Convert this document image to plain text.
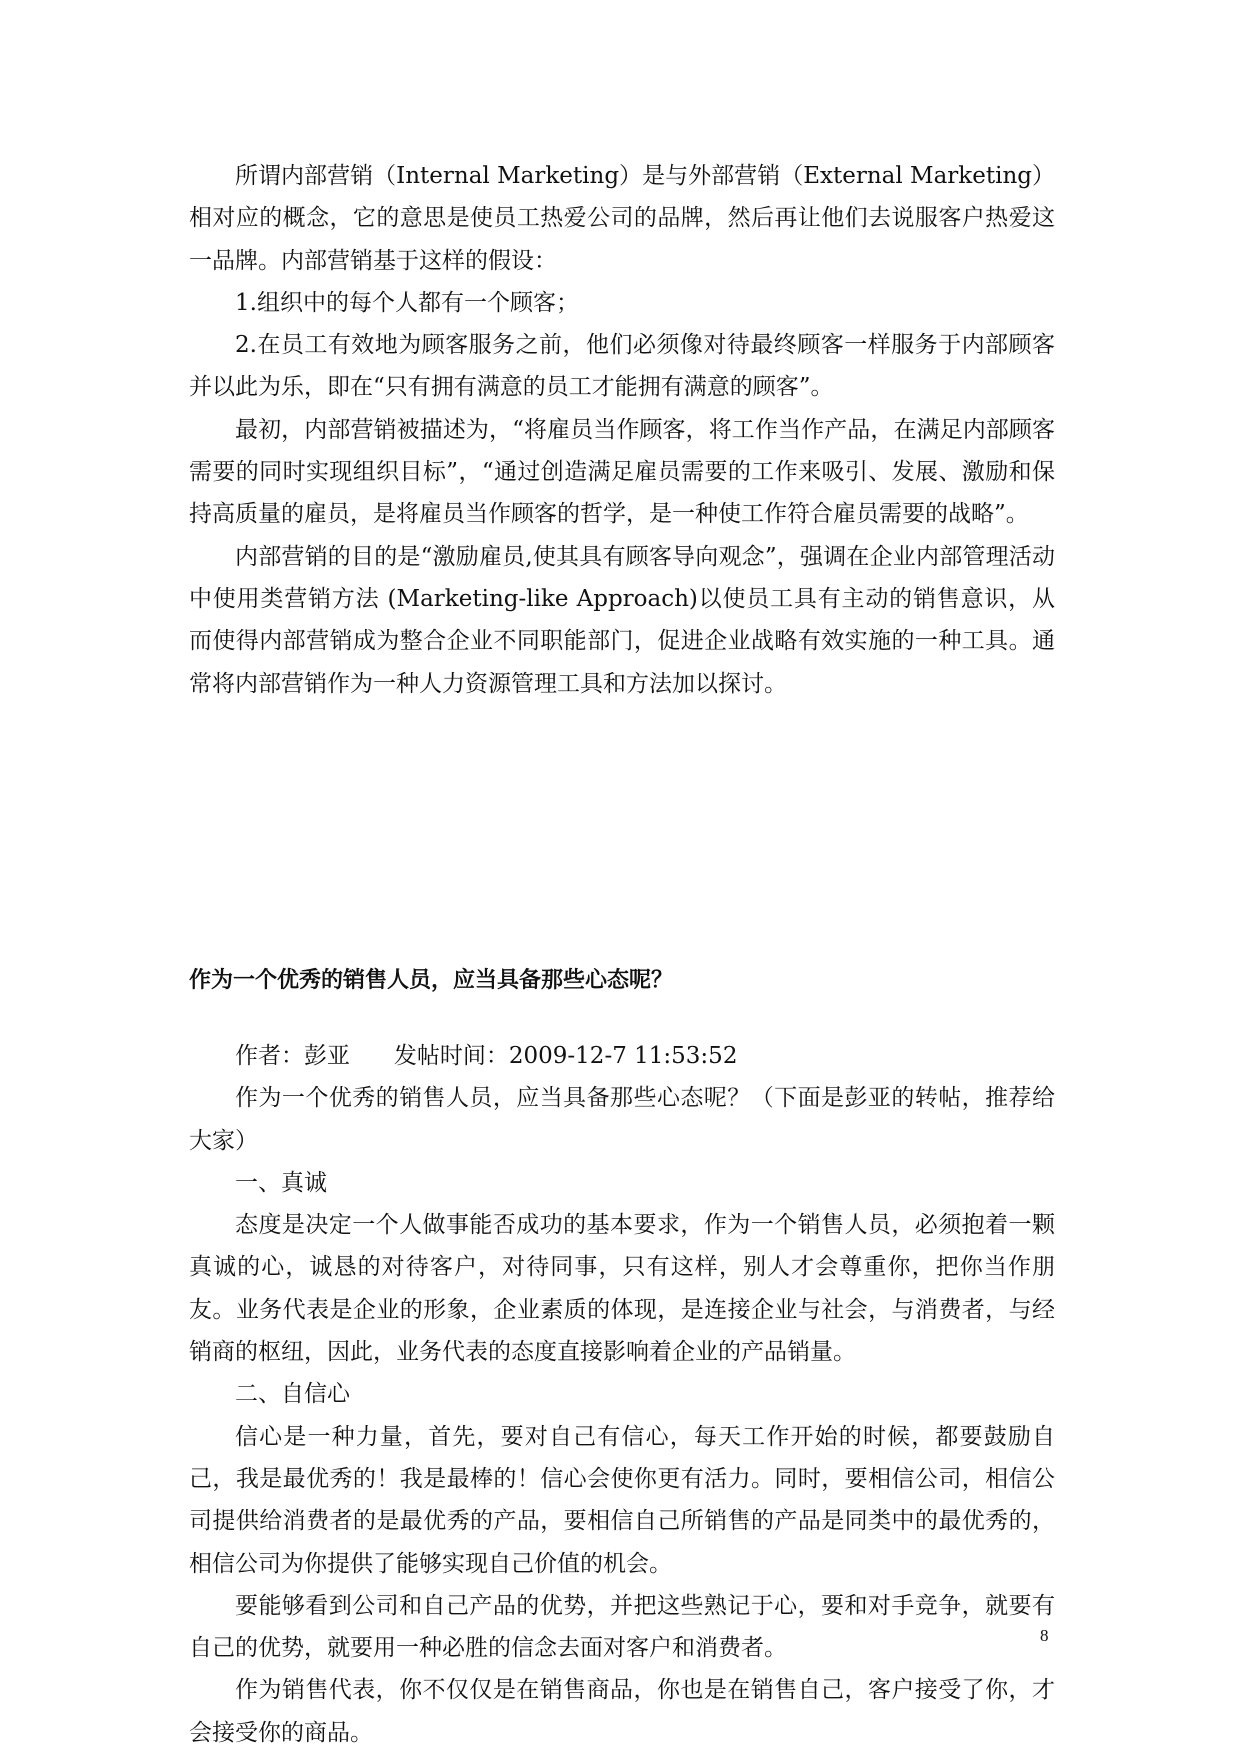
所谓内部营销（Internal Marketing）是与外部营销（External Marketing）相对应的概念，它的意思是使员工热爱公司的品牌，然后再让他们去说服客户热爱这一品牌。内部营销基于这样的假设：

1.组织中的每个人都有一个顾客；

2.在员工有效地为顾客服务之前，他们必须像对待最终顾客一样服务于内部顾客并以此为乐，即在“只有拥有满意的员工才能拥有满意的顾客”。

最初，内部营销被描述为，“将雇员当作顾客，将工作当作产品，在满足内部顾客需要的同时实现组织目标”，“通过创造满足雇员需要的工作来吸引、发展、激励和保持高质量的雇员，是将雇员当作顾客的哲学，是一种使工作符合雇员需要的战略”。

内部营销的目的是“激励雇员,使其具有顾客导向观念”，强调在企业内部管理活动中使用类营销方法 (Marketing-like Approach)以使员工具有主动的销售意识，从而使得内部营销成为整合企业不同职能部门，促进企业战略有效实施的一种工具。通常将内部营销作为一种人力资源管理工具和方法加以探讨。

作为一个优秀的销售人员，应当具备那些心态呢？

作者：彭亚      发帖时间：2009-12-7 11:53:52

作为一个优秀的销售人员，应当具备那些心态呢？（下面是彭亚的转帖，推荐给大家）

一、真诚

态度是决定一个人做事能否成功的基本要求，作为一个销售人员，必须抱着一颗真诚的心，诚恳的对待客户，对待同事，只有这样，别人才会尊重你，把你当作朋友。业务代表是企业的形象，企业素质的体现，是连接企业与社会，与消费者，与经销商的枢纽，因此，业务代表的态度直接影响着企业的产品销量。

二、自信心

信心是一种力量，首先，要对自己有信心，每天工作开始的时候，都要鼓励自己，我是最优秀的！我是最棒的！信心会使你更有活力。同时，要相信公司，相信公司提供给消费者的是最优秀的产品，要相信自己所销售的产品是同类中的最优秀的，相信公司为你提供了能够实现自己价值的机会。

要能够看到公司和自己产品的优势，并把这些熟记于心，要和对手竞争，就要有自己的优势，就要用一种必胜的信念去面对客户和消费者。

作为销售代表，你不仅仅是在销售商品，你也是在销售自己，客户接受了你，才会接受你的商品。

8
